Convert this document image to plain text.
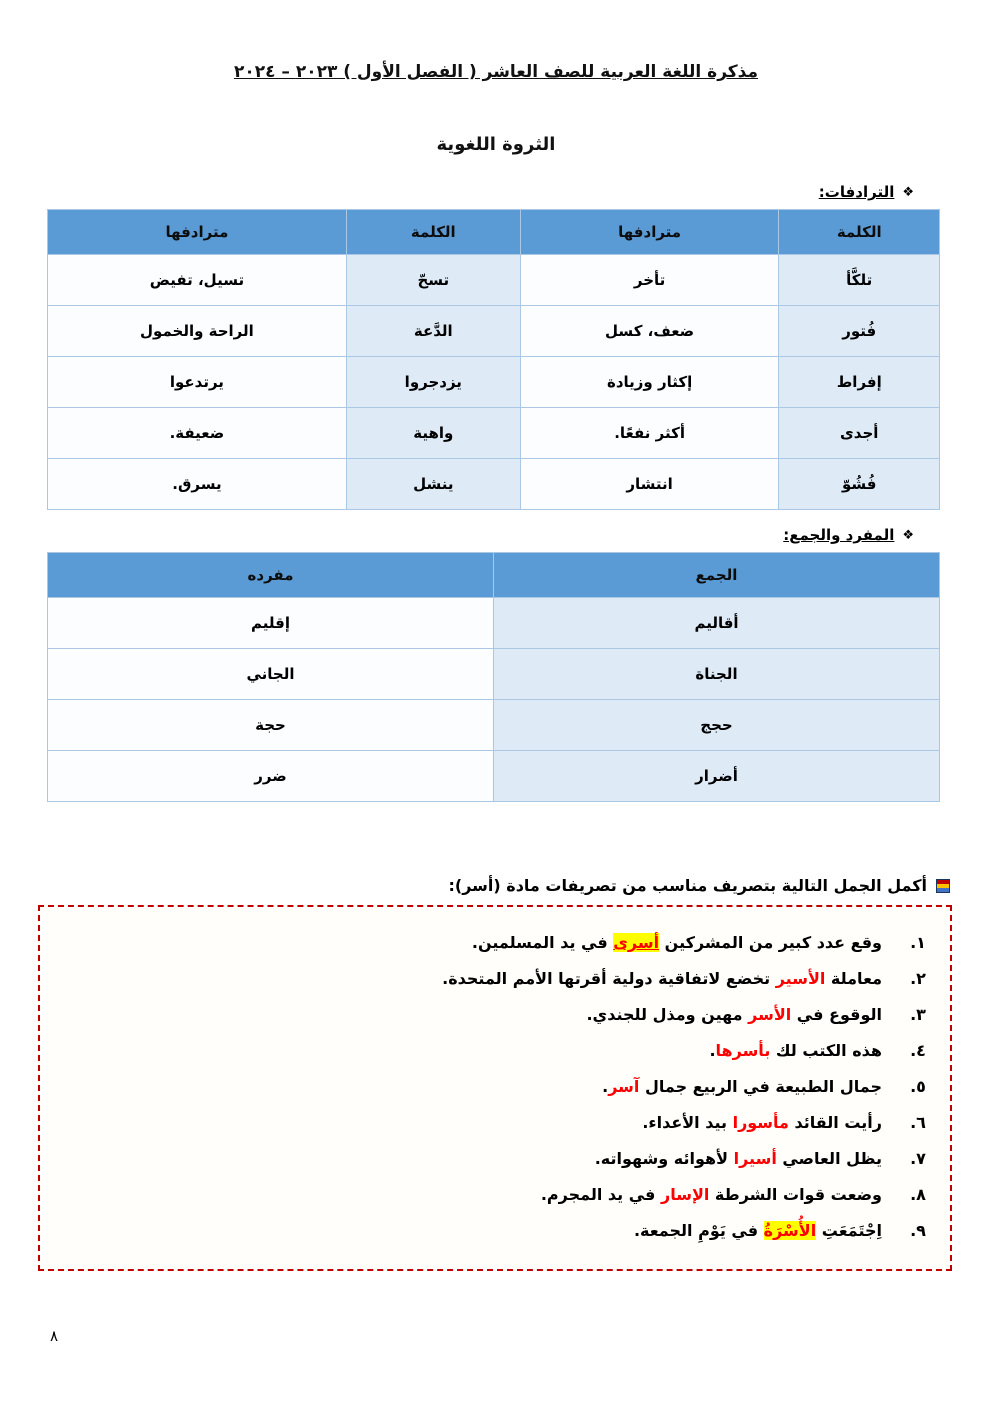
مذكرة اللغة العربية للصف العاشر ( الفصل الأول ) ٢٠٢٣ – ٢٠٢٤
الثروة اللغوية
❖
الترادفات:
الكلمة	مترادفها	الكلمة	مترادفها
تلكَّأ	تأخر	تسحّ	تسيل، تفيض
فُتور	ضعف، كسل	الدَّعة	الراحة والخمول
إفراط	إكثار وزيادة	يزدجروا	يرتدعوا
أجدى	أكثر نفعًا.	واهية	ضعيفة.
فُشُوّ	انتشار	ينشل	يسرق.
❖
المفرد والجمع:
الجمع	مفرده
أقاليم	إقليم
الجناة	الجاني
حجج	حجة
أضرار	ضرر
أكمل الجمل التالية بتصريف مناسب من تصريفات مادة (أسر):
١.
وقع عدد كبير من المشركين أسرى في يد المسلمين.
٢.
معاملة الأسير تخضع لاتفاقية دولية أقرتها الأمم المتحدة.
٣.
الوقوع في الأسر مهين ومذل للجندي.
٤.
هذه الكتب لك بأسرها.
٥.
جمال الطبيعة في الربيع جمال آسر.
٦.
رأيت القائد مأسورا بيد الأعداء.
٧.
يظل العاصي أسيرا لأهوائه وشهواته.
٨.
وضعت قوات الشرطة الإسار في يد المجرم.
٩.
اِجْتَمَعَتِ الأُسْرَةُ في يَوْمِ الجمعة.
٨
